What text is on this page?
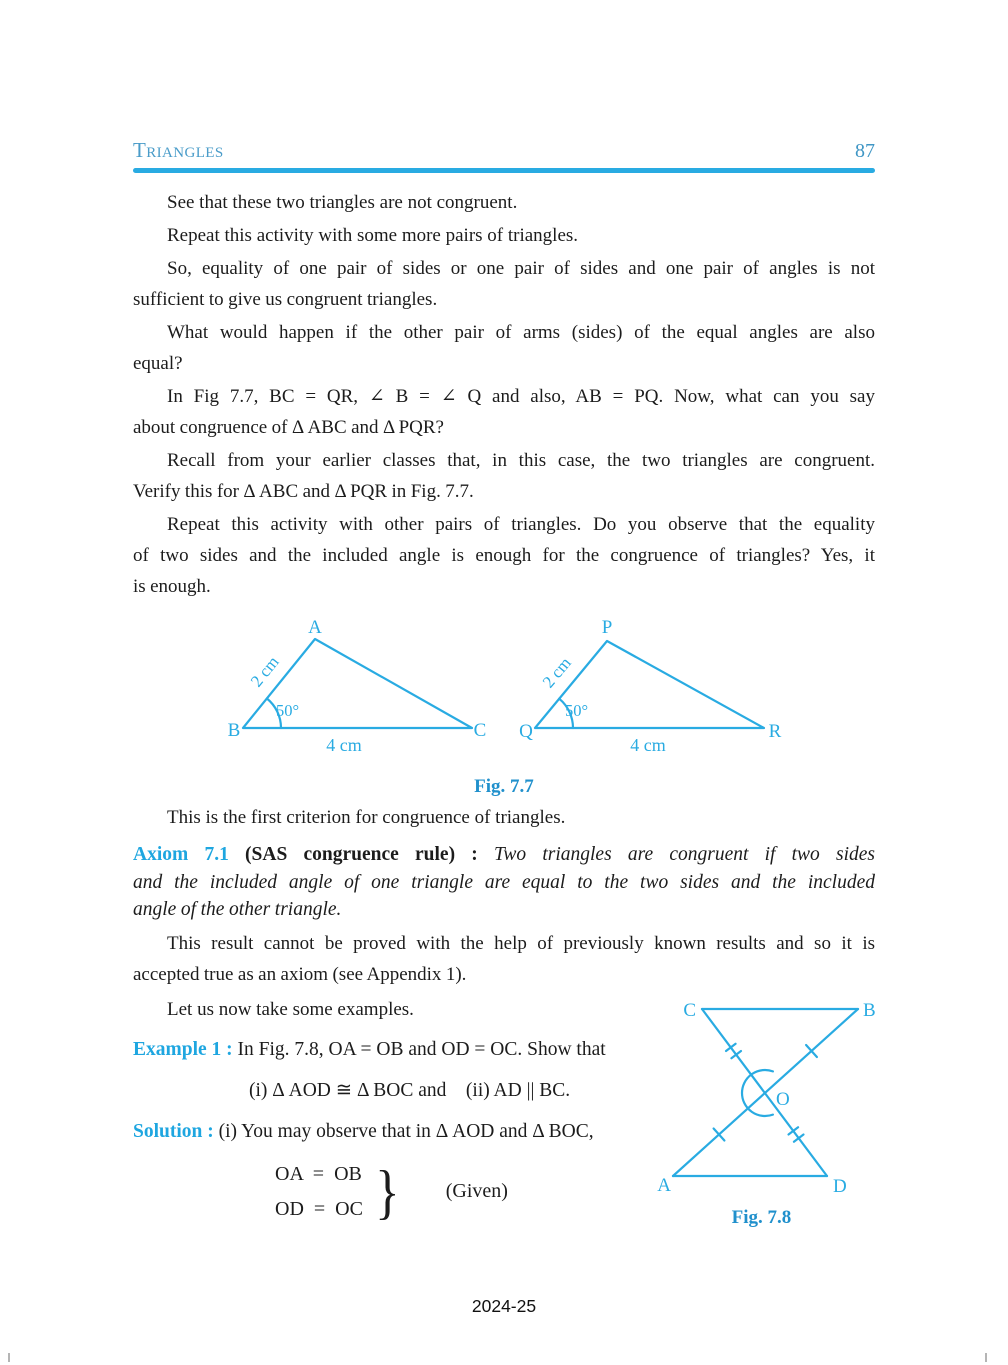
Triangles	87

See that these two triangles are not congruent.

Repeat this activity with some more pairs of triangles.

So, equality of one pair of sides or one pair of sides and one pair of angles is not
sufficient to give us congruent triangles.

What would happen if the other pair of arms (sides) of the equal angles are also
equal?

In Fig 7.7, BC = QR, ∠ B = ∠ Q and also, AB = PQ. Now, what can you say
about congruence of Δ ABC and Δ PQR?

Recall from your earlier classes that, in this case, the two triangles are congruent.
Verify this for Δ ABC and Δ PQR in Fig. 7.7.

Repeat this activity with other pairs of triangles. Do you observe that the equality
of two sides and the included angle is enough for the congruence of triangles? Yes, it
is enough.

A
B	C
2 cm
50°
4 cm
P
Q	R
2 cm
50°
4 cm
Fig. 7.7

This is the first criterion for congruence of triangles.

Axiom 7.1 (SAS congruence rule) : Two triangles are congruent if two sides
and the included angle of one triangle are equal to the two sides and the included
angle of the other triangle.

This result cannot be proved with the help of previously known results and so it is
accepted true as an axiom (see Appendix 1).

C	B
O
A	D
Fig. 7.8

Let us now take some examples.

Example 1 : In Fig. 7.8, OA = OB and OD = OC. Show that

(i) Δ AOD ≅ Δ BOC and    (ii) AD || BC.

Solution : (i) You may observe that in Δ AOD and Δ BOC,

OA = OB
OD = OC } (Given)
2024-25
